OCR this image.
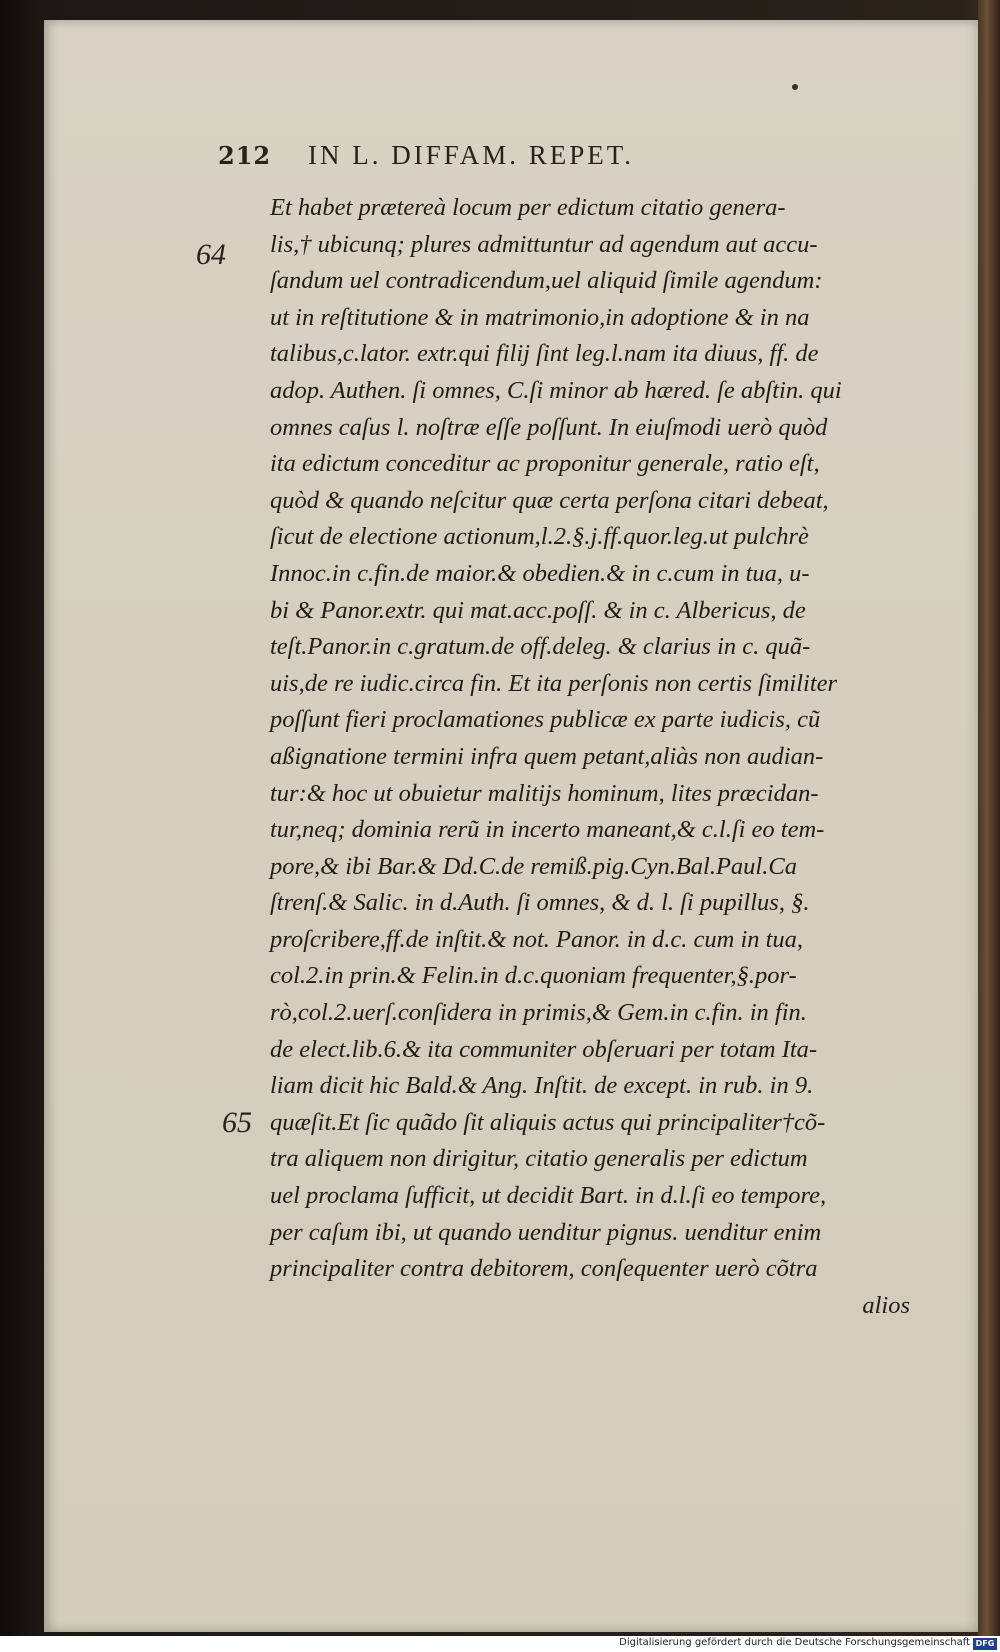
212	IN L. DIFFAM. REPET.
64
65
Et habet prætereà locum per edictum citatio genera-
lis,† ubicunq; plures admittuntur ad agendum aut accu-
ſandum uel contradicendum,uel aliquid ſimile agendum:
ut in reſtitutione & in matrimonio,in adoptione & in na
talibus,c.lator. extr.qui filij ſint leg.l.nam ita diuus, ff. de
adop. Authen. ſi omnes, C.ſi minor ab hæred. ſe abſtin. qui
omnes caſus l. noſtræ eſſe poſſunt. In eiuſmodi uerò quòd
ita edictum conceditur ac proponitur generale, ratio eſt,
quòd & quando neſcitur quæ certa perſona citari debeat,
ſicut de electione actionum,l.2.§.j.ff.quor.leg.ut pulchrè
Innoc.in c.fin.de maior.& obedien.& in c.cum in tua, u-
bi & Panor.extr. qui mat.acc.poſſ. & in c. Albericus, de
teſt.Panor.in c.gratum.de off.deleg. & clarius in c. quã-
uis,de re iudic.circa fin. Et ita perſonis non certis ſimiliter
poſſunt fieri proclamationes publicæ ex parte iudicis, cũ
aßignatione termini infra quem petant,aliàs non audian-
tur:& hoc ut obuietur malitijs hominum, lites præcidan-
tur,neq; dominia rerũ in incerto maneant,& c.l.ſi eo tem-
pore,& ibi Bar.& Dd.C.de remiß.pig.Cyn.Bal.Paul.Ca
ſtrenſ.& Salic. in d.Auth. ſi omnes, & d. l. ſi pupillus, §.
proſcribere,ff.de inſtit.& not. Panor. in d.c. cum in tua,
col.2.in prin.& Felin.in d.c.quoniam frequenter,§.por-
rò,col.2.uerſ.conſidera in primis,& Gem.in c.fin. in fin.
de elect.lib.6.& ita communiter obſeruari per totam Ita-
liam dicit hic Bald.& Ang. Inſtit. de except. in rub. in 9.
quæſit.Et ſic quãdo ſit aliquis actus qui principaliter†cõ-
tra aliquem non dirigitur, citatio generalis per edictum
uel proclama ſufficit, ut decidit Bart. in d.l.ſi eo tempore,
per caſum ibi, ut quando uenditur pignus. uenditur enim
principaliter contra debitorem, conſequenter uerò cõtra
alios
Digitalisierung gefördert durch die Deutsche Forschungsgemeinschaft DFG
